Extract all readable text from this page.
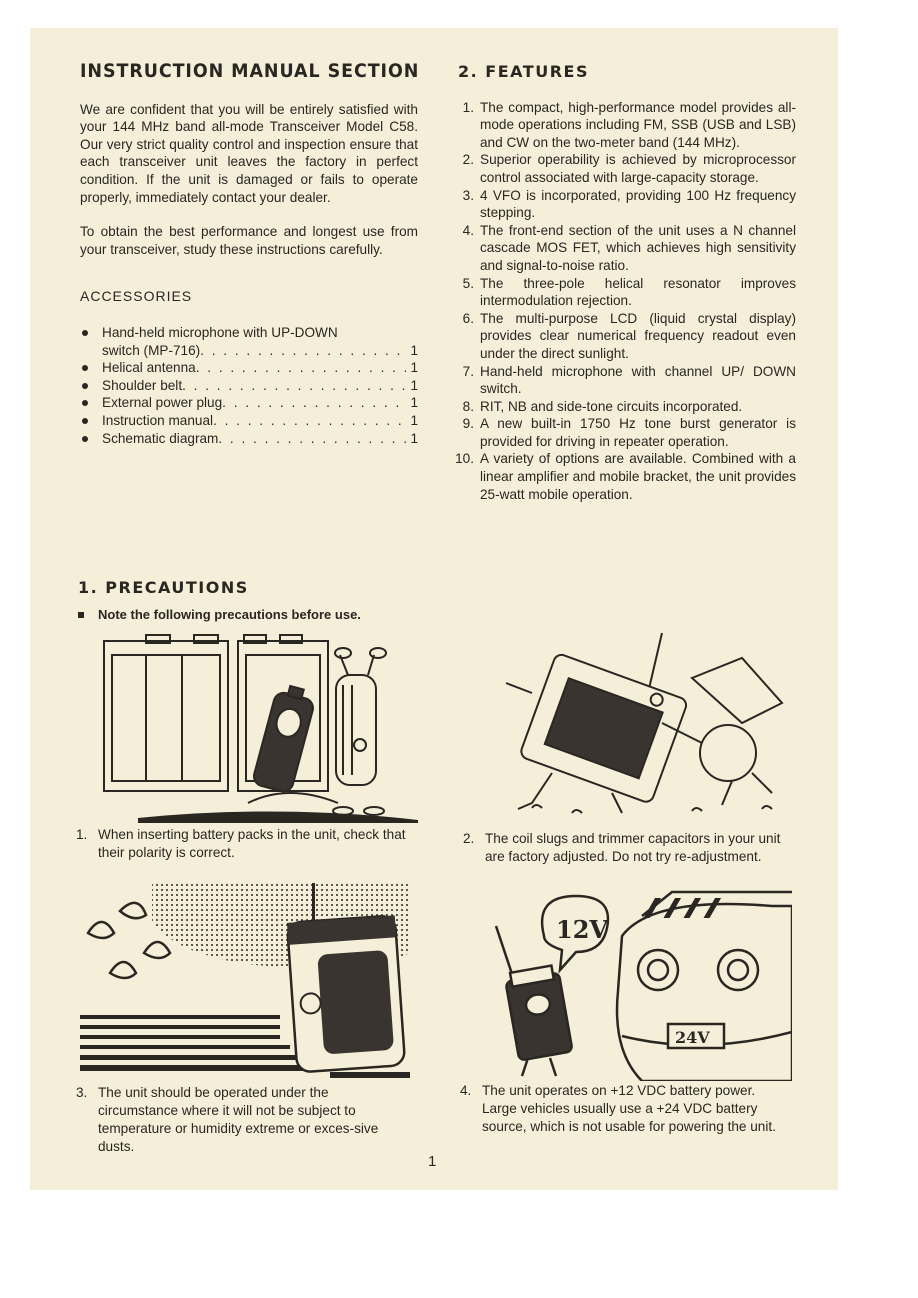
INSTRUCTION MANUAL SECTION

We are confident that you will be entirely satisfied with your 144 MHz band all-mode Transceiver Model C58. Our very strict quality control and inspection ensure that each transceiver unit leaves the factory in perfect condition. If the unit is damaged or fails to operate properly, immediately contact your dealer.

To obtain the best performance and longest use from your transceiver, study these instructions carefully.

ACCESSORIES
Hand-held microphone with UP-DOWN
switch (MP-716) . . .	1
Helical antenna . . .	1
Shoulder belt . . .	1
External power plug . . .	1
Instruction manual . . .	1
Schematic diagram . . .	1
2. FEATURES
1. The compact, high-performance model provides all-mode operations including FM, SSB (USB and LSB) and CW on the two-meter band (144 MHz).
2. Superior operability is achieved by microprocessor control associated with large-capacity storage.
3. 4 VFO is incorporated, providing 100 Hz frequency stepping.
4. The front-end section of the unit uses a N channel cascade MOS FET, which achieves high sensitivity and signal-to-noise ratio.
5. The three-pole helical resonator improves intermodulation rejection.
6. The multi-purpose LCD (liquid crystal display) provides clear numerical frequency readout even under the direct sunlight.
7. Hand-held microphone with channel UP/ DOWN switch.
8. RIT, NB and side-tone circuits incorporated.
9. A new built-in 1750 Hz tone burst generator is provided for driving in repeater operation.
10. A variety of options are available. Combined with a linear amplifier and mobile bracket, the unit provides 25-watt mobile operation.
1. PRECAUTIONS
Note the following precautions before use.
1. When inserting battery packs in the unit, check that their polarity is correct.
2. The coil slugs and trimmer capacitors in your unit are factory adjusted. Do not try re-adjustment.
12V
24V
3. The unit should be operated under the circumstance where it will not be subject to temperature or humidity extreme or exces-sive dusts.
4. The unit operates on +12 VDC battery power. Large vehicles usually use a +24 VDC battery source, which is not usable for powering the unit.
1
